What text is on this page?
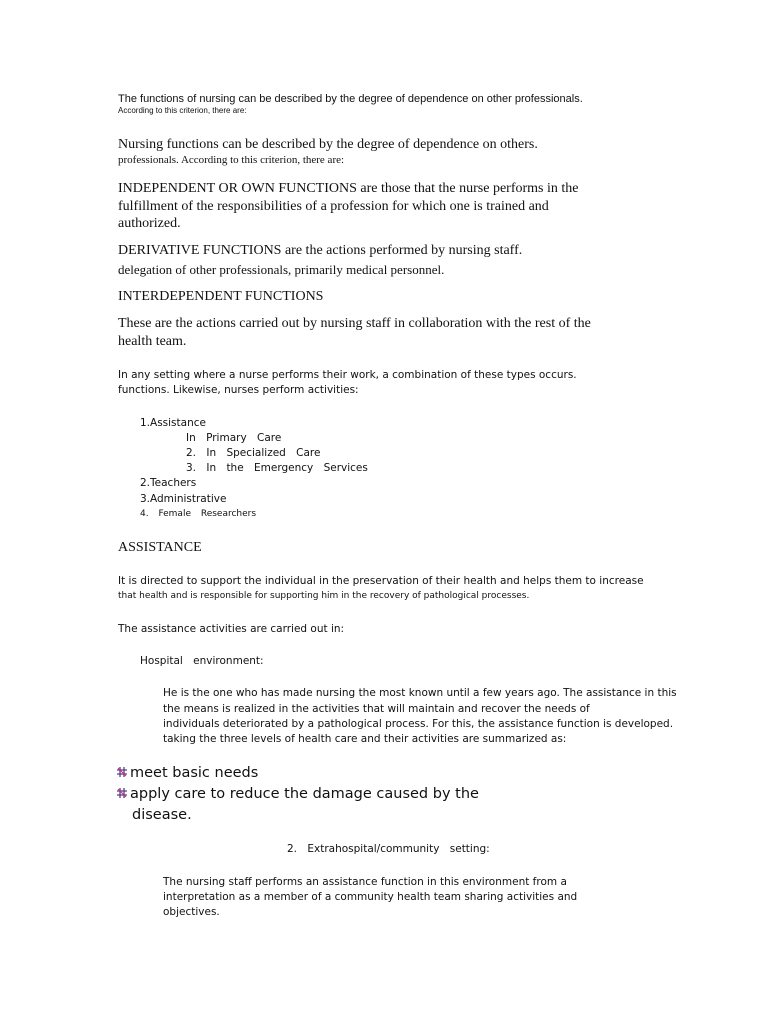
The functions of nursing can be described by the degree of dependence on other professionals.
According to this criterion, there are:
Nursing functions can be described by the degree of dependence on others.
professionals. According to this criterion, there are:
INDEPENDENT OR OWN FUNCTIONS are those that the nurse performs in the
fulfillment of the responsibilities of a profession for which one is trained and
authorized.
DERIVATIVE FUNCTIONS are the actions performed by nursing staff.
delegation of other professionals, primarily medical personnel.
INTERDEPENDENT FUNCTIONS
These are the actions carried out by nursing staff in collaboration with the rest of the
health team.
In any setting where a nurse performs their work, a combination of these types occurs.
functions. Likewise, nurses perform activities:
1.Assistance
In Primary Care
2. In Specialized Care
3. In the Emergency Services
2.Teachers
3.Administrative
4. Female Researchers
ASSISTANCE
It is directed to support the individual in the preservation of their health and helps them to increase
that health and is responsible for supporting him in the recovery of pathological processes.
The assistance activities are carried out in:
Hospital environment:
He is the one who has made nursing the most known until a few years ago. The assistance in this
the means is realized in the activities that will maintain and recover the needs of
individuals deteriorated by a pathological process. For this, the assistance function is developed.
taking the three levels of health care and their activities are summarized as:
meet basic needs
apply care to reduce the damage caused by the
disease.
2. Extrahospital/community setting:
The nursing staff performs an assistance function in this environment from a
interpretation as a member of a community health team sharing activities and
objectives.
